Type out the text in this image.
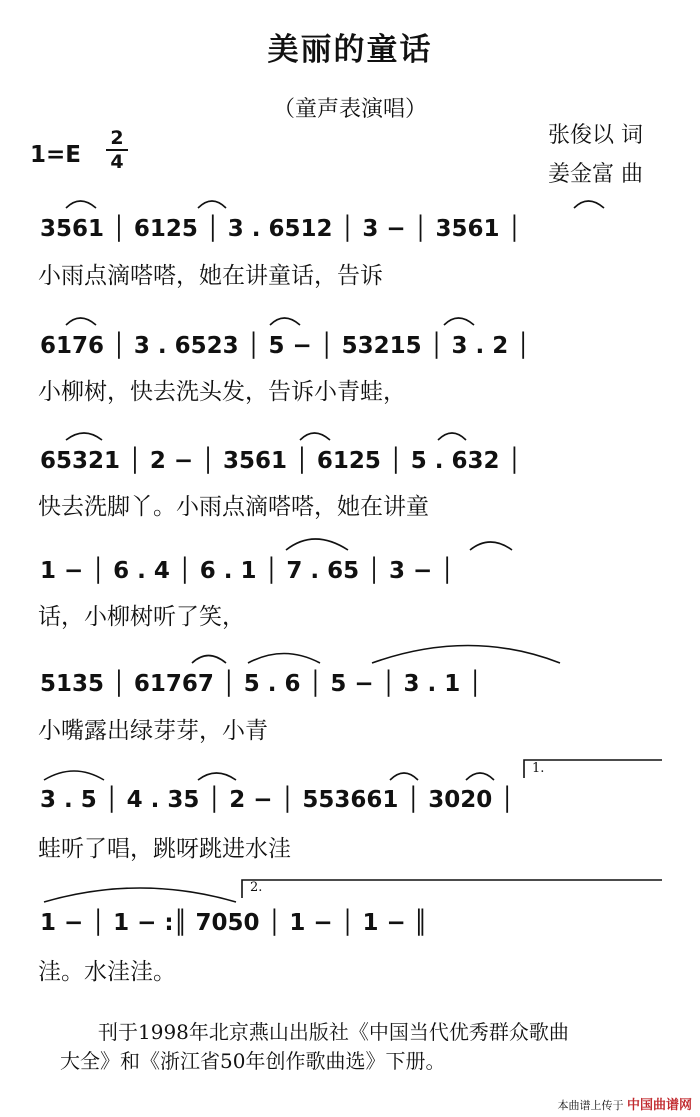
美丽的童话
（童声表演唱）
张俊以 词
姜金富 曲
1=E
2
4
3561 │ 6125 │ 3 . 6512 │ 3 − │ 3561 │
小雨点滴嗒嗒，她在讲童话，告诉
6176 │ 3 . 6523 │ 5 − │ 53215 │ 3 . 2 │
小柳树，快去洗头发，告诉小青蛙，
65321 │ 2 − │ 3561 │ 6125 │ 5 . 632 │
快去洗脚丫。小雨点滴嗒嗒，她在讲童
1 − │ 6 . 4 │ 6 . 1 │ 7 . 65 │ 3 − │
话，小柳树听了笑，
5135 │ 61767 │ 5 . 6 │ 5 − │ 3 . 1 │
小嘴露出绿芽芽，小青
1.
3 . 5 │ 4 . 35 │ 2 − │ 553661 │ 3020 │
蛙听了唱，跳呀跳进水洼
2.
1 − │ 1 − :║ 7050 │ 1 − │ 1 − ║
洼。水洼洼。
刊于1998年北京燕山出版社《中国当代优秀群众歌曲
大全》和《浙江省50年创作歌曲选》下册。
本曲谱上传于 中国曲谱网
